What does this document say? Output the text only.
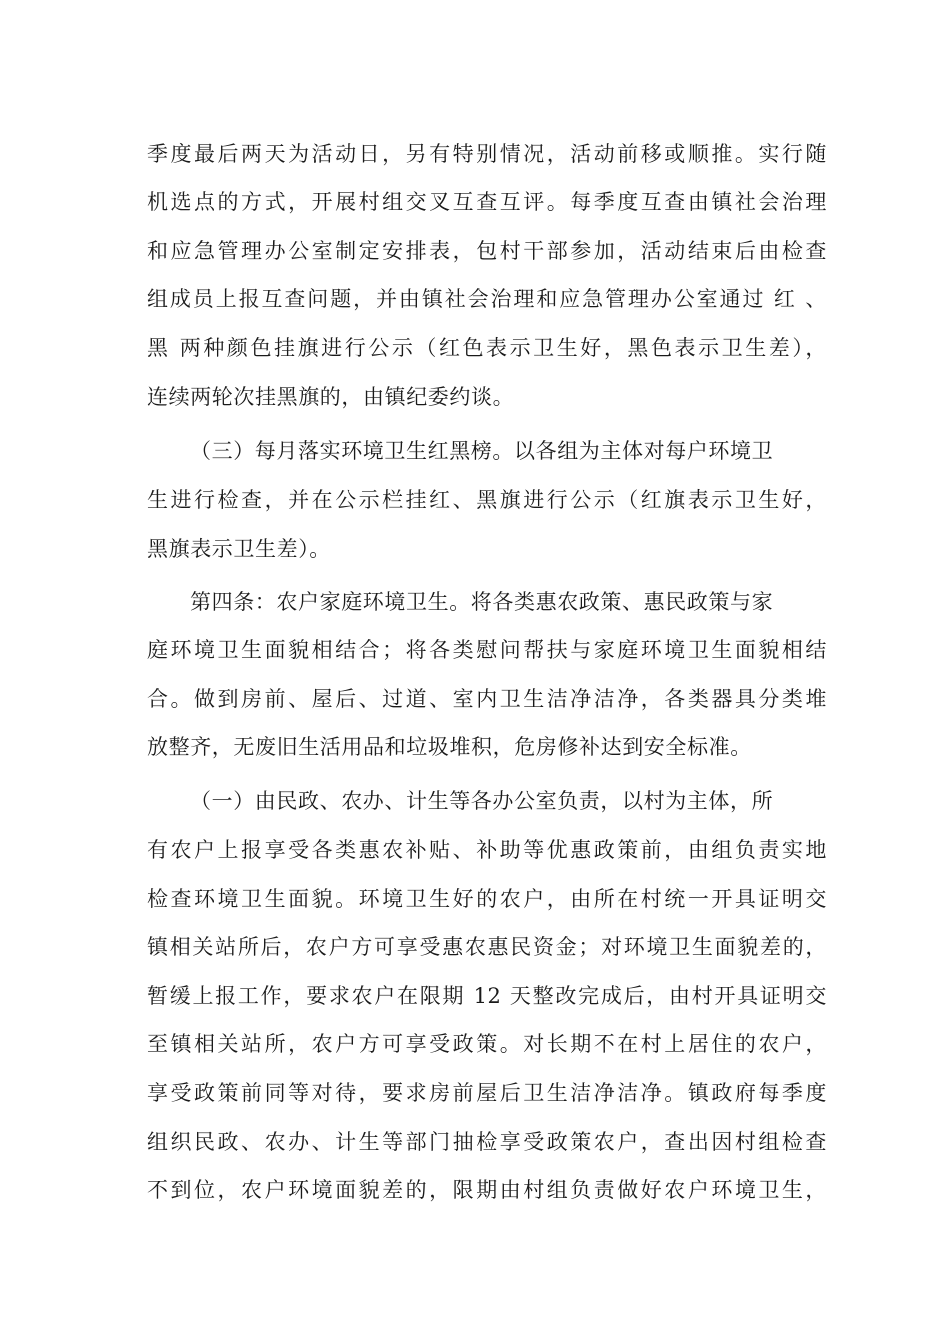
季度最后两天为活动日，另有特别情况，活动前移或顺推。实行随
机选点的方式，开展村组交叉互查互评。每季度互查由镇社会治理
和应急管理办公室制定安排表，包村干部参加，活动结束后由检查
组成员上报互查问题，并由镇社会治理和应急管理办公室通过 红 、
黑 两种颜色挂旗进行公示（红色表示卫生好，黑色表示卫生差），
连续两轮次挂黑旗的，由镇纪委约谈。
（三）每月落实环境卫生红黑榜。以各组为主体对每户环境卫
生进行检查，并在公示栏挂红、黑旗进行公示（红旗表示卫生好，
黑旗表示卫生差）。
第四条：农户家庭环境卫生。将各类惠农政策、惠民政策与家
庭环境卫生面貌相结合；将各类慰问帮扶与家庭环境卫生面貌相结
合。做到房前、屋后、过道、室内卫生洁净洁净，各类器具分类堆
放整齐，无废旧生活用品和垃圾堆积，危房修补达到安全标准。
（一）由民政、农办、计生等各办公室负责，以村为主体，所
有农户上报享受各类惠农补贴、补助等优惠政策前，由组负责实地
检查环境卫生面貌。环境卫生好的农户，由所在村统一开具证明交
镇相关站所后，农户方可享受惠农惠民资金；对环境卫生面貌差的，
暂缓上报工作，要求农户在限期 12 天整改完成后，由村开具证明交
至镇相关站所，农户方可享受政策。对长期不在村上居住的农户，
享受政策前同等对待，要求房前屋后卫生洁净洁净。镇政府每季度
组织民政、农办、计生等部门抽检享受政策农户，查出因村组检查
不到位，农户环境面貌差的，限期由村组负责做好农户环境卫生，
